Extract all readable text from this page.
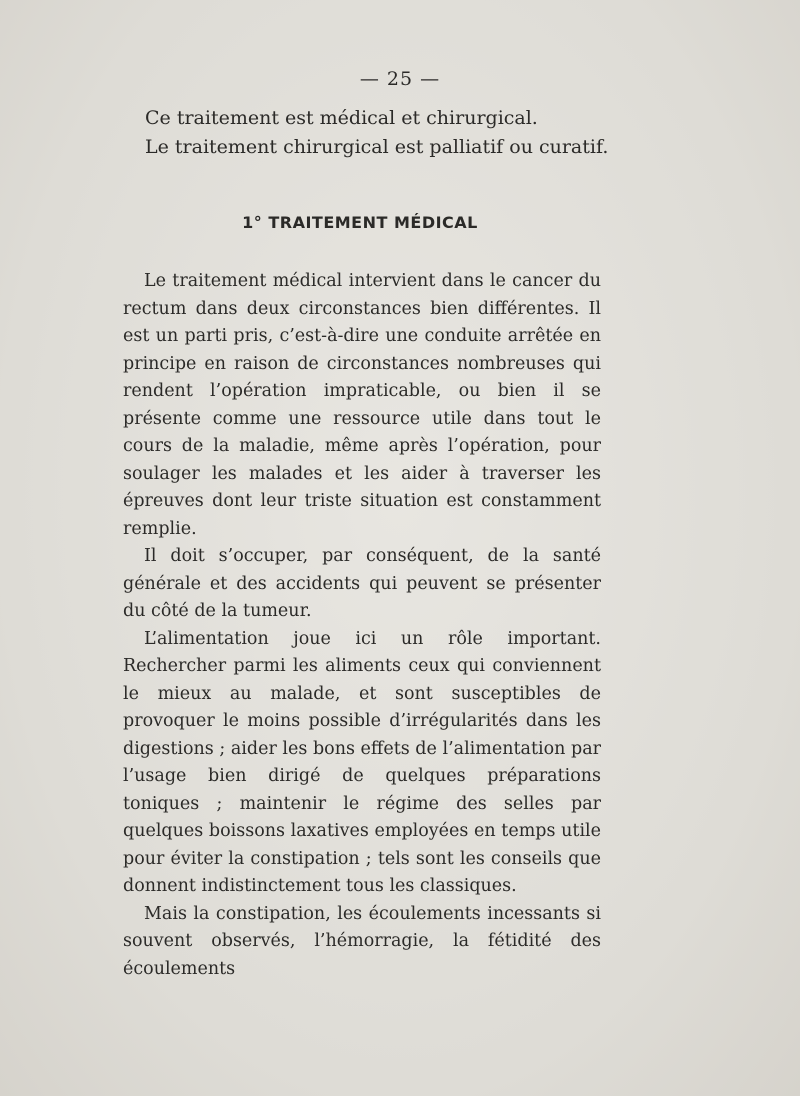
— 25 —

Ce traitement est médical et chirurgical.

Le traitement chirurgical est palliatif ou curatif.

1° TRAITEMENT MÉDICAL

Le traitement médical intervient dans le cancer du rectum dans deux circonstances bien différentes. Il est un parti pris, c’est-à-dire une conduite arrêtée en principe en raison de circonstances nombreuses qui rendent l’opération impraticable, ou bien il se présente comme une ressource utile dans tout le cours de la maladie, même après l’opération, pour soulager les malades et les aider à traverser les épreuves dont leur triste situation est constamment remplie.

Il doit s’occuper, par conséquent, de la santé générale et des accidents qui peuvent se présenter du côté de la tumeur.

L’alimentation joue ici un rôle important. Rechercher parmi les aliments ceux qui conviennent le mieux au malade, et sont susceptibles de provoquer le moins possible d’irrégularités dans les digestions ; aider les bons effets de l’alimentation par l’usage bien dirigé de quelques préparations toniques ; maintenir le régime des selles par quelques boissons laxatives employées en temps utile pour éviter la constipation ; tels sont les conseils que donnent indistinctement tous les classiques.

Mais la constipation, les écoulements incessants si souvent observés, l’hémorragie, la fétidité des écoulements
